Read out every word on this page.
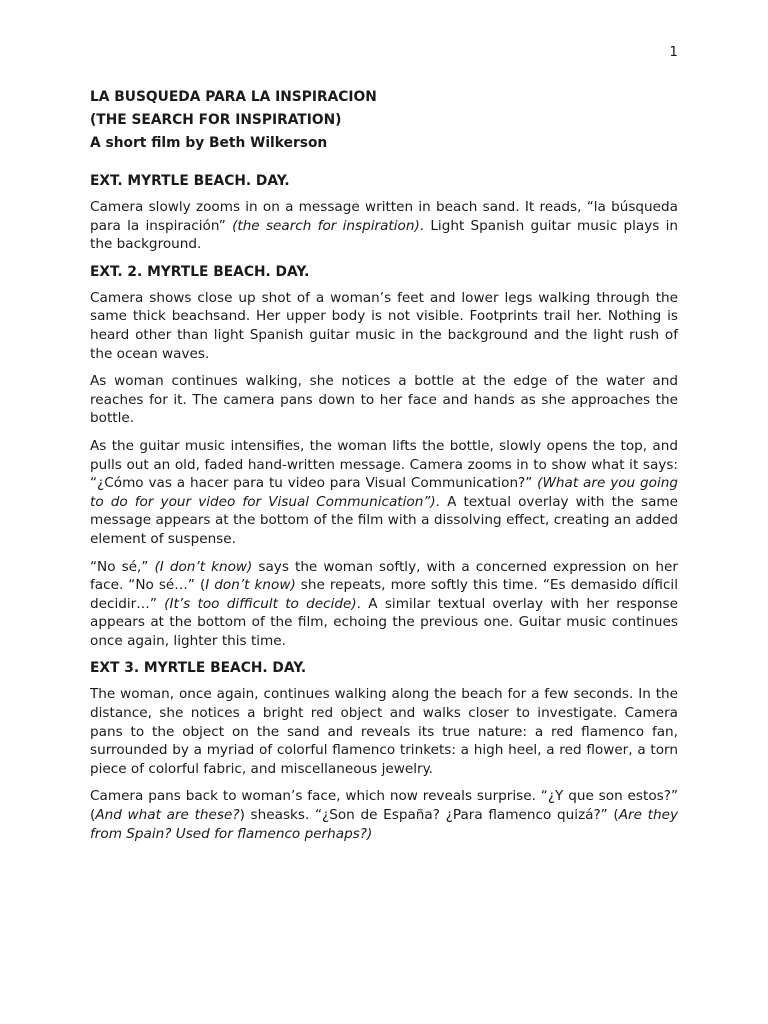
1
LA BUSQUEDA PARA LA INSPIRACION
(THE SEARCH FOR INSPIRATION)
A short film by Beth Wilkerson
EXT. MYRTLE BEACH. DAY.

Camera slowly zooms in on a message written in beach sand. It reads, “la búsqueda para la inspiración” (the search for inspiration). Light Spanish guitar music plays in the background.

EXT. 2. MYRTLE BEACH. DAY.

Camera shows close up shot of a woman’s feet and lower legs walking through the same thick beachsand. Her upper body is not visible. Footprints trail her. Nothing is heard other than light Spanish guitar music in the background and the light rush of the ocean waves.

As woman continues walking, she notices a bottle at the edge of the water and reaches for it. The camera pans down to her face and hands as she approaches the bottle.

As the guitar music intensifies, the woman lifts the bottle, slowly opens the top, and pulls out an old, faded hand-written message. Camera zooms in to show what it says: “¿Cómo vas a hacer para tu video para Visual Communication?” (What are you going to do for your video for Visual Communication”). A textual overlay with the same message appears at the bottom of the film with a dissolving effect, creating an added element of suspense.

“No sé,” (I don’t know) says the woman softly, with a concerned expression on her face. “No sé…” (I don’t know) she repeats, more softly this time. “Es demasido díficil decidir…” (It’s too difficult to decide). A similar textual overlay with her response appears at the bottom of the film, echoing the previous one. Guitar music continues once again, lighter this time.

EXT 3. MYRTLE BEACH. DAY.

The woman, once again, continues walking along the beach for a few seconds. In the distance, she notices a bright red object and walks closer to investigate. Camera pans to the object on the sand and reveals its true nature: a red flamenco fan, surrounded by a myriad of colorful flamenco trinkets: a high heel, a red flower, a torn piece of colorful fabric, and miscellaneous jewelry.

Camera pans back to woman’s face, which now reveals surprise. “¿Y que son estos?” (And what are these?) sheasks. “¿Son de España? ¿Para flamenco quizá?” (Are they from Spain? Used for flamenco perhaps?)
